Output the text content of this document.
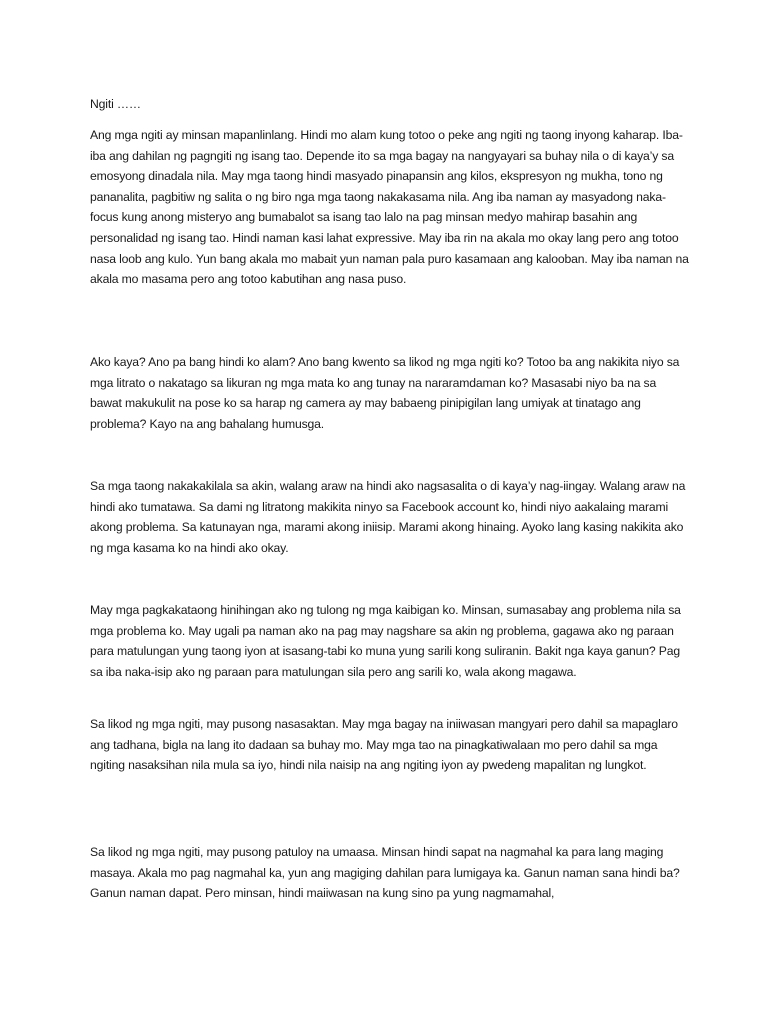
Ngiti ……

Ang mga ngiti ay minsan mapanlinlang. Hindi mo alam kung totoo o peke ang ngiti ng taong inyong kaharap. Iba-iba ang dahilan ng pagngiti ng isang tao. Depende ito sa mga bagay na nangyayari sa buhay nila o di kaya’y sa emosyong dinadala nila. May mga taong hindi masyado pinapansin ang kilos, ekspresyon ng mukha, tono ng pananalita, pagbitiw ng salita o ng biro nga mga taong nakakasama nila. Ang iba naman ay masyadong naka-focus kung anong misteryo ang bumabalot sa isang tao lalo na pag minsan medyo mahirap basahin ang personalidad ng isang tao. Hindi naman kasi lahat expressive. May iba rin na akala mo okay lang pero ang totoo nasa loob ang kulo. Yun bang akala mo mabait yun naman pala puro kasamaan ang kalooban. May iba naman na akala mo masama pero ang totoo kabutihan ang nasa puso.

Ako kaya? Ano pa bang hindi ko alam? Ano bang kwento sa likod ng mga ngiti ko? Totoo ba ang nakikita niyo sa mga litrato o nakatago sa likuran ng mga mata ko ang tunay na nararamdaman ko? Masasabi niyo ba na sa bawat makukulit na pose ko sa harap ng camera ay may babaeng pinipigilan lang umiyak at tinatago ang problema? Kayo na ang bahalang humusga.

Sa mga taong nakakakilala sa akin, walang araw na hindi ako nagsasalita o di kaya’y nag-iingay. Walang araw na hindi ako tumatawa. Sa dami ng litratong makikita ninyo sa Facebook account ko, hindi niyo aakalaing marami akong problema. Sa katunayan nga, marami akong iniisip. Marami akong hinaing. Ayoko lang kasing nakikita ako ng mga kasama ko na hindi ako okay.

May mga pagkakataong hinihingan ako ng tulong ng mga kaibigan ko. Minsan, sumasabay ang problema nila sa mga problema ko. May ugali pa naman ako na pag may nagshare sa akin ng problema, gagawa ako ng paraan para matulungan yung taong iyon at isasang-tabi ko muna yung sarili kong suliranin. Bakit nga kaya ganun? Pag sa iba naka-isip ako ng paraan para matulungan sila pero ang sarili ko, wala akong magawa.

Sa likod ng mga ngiti, may pusong nasasaktan. May mga bagay na iniiwasan mangyari pero dahil sa mapaglaro ang tadhana, bigla na lang ito dadaan sa buhay mo. May mga tao na pinagkatiwalaan mo pero dahil sa mga ngiting nasaksihan nila mula sa iyo, hindi nila naisip na ang ngiting iyon ay pwedeng mapalitan ng lungkot.

Sa likod ng mga ngiti, may pusong patuloy na umaasa. Minsan hindi sapat na nagmahal ka para lang maging masaya. Akala mo pag nagmahal ka, yun ang magiging dahilan para lumigaya ka. Ganun naman sana hindi ba? Ganun naman dapat. Pero minsan, hindi maiiwasan na kung sino pa yung nagmamahal,
